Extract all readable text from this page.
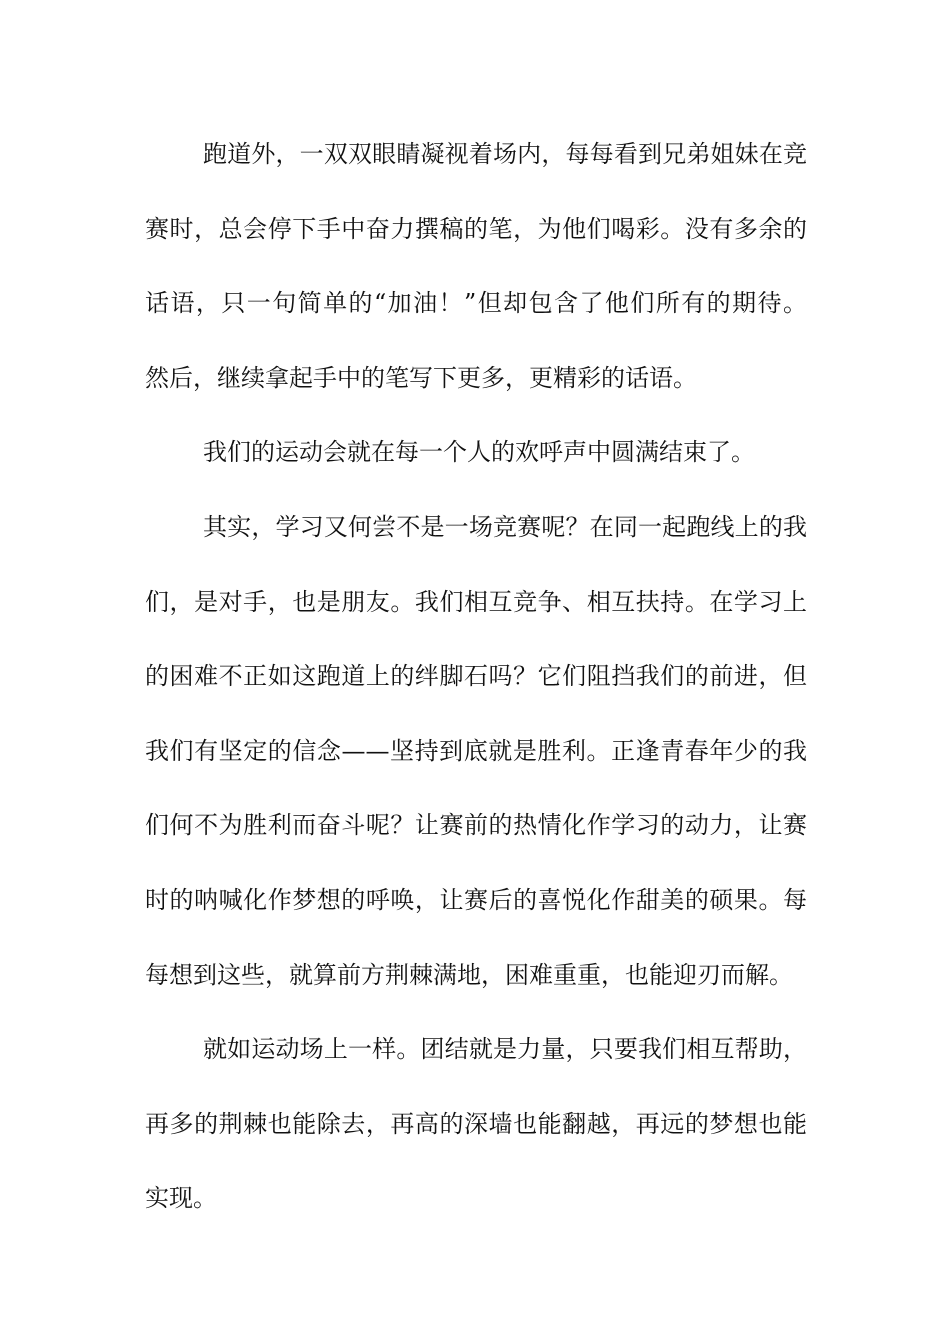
跑道外，一双双眼睛凝视着场内，每每看到兄弟姐妹在竞
赛时，总会停下手中奋力撰稿的笔，为他们喝彩。没有多余的
话语，只一句简单的“加油！”但却包含了他们所有的期待。
然后，继续拿起手中的笔写下更多，更精彩的话语。
我们的运动会就在每一个人的欢呼声中圆满结束了。
其实，学习又何尝不是一场竞赛呢？在同一起跑线上的我
们，是对手，也是朋友。我们相互竞争、相互扶持。在学习上
的困难不正如这跑道上的绊脚石吗？它们阻挡我们的前进，但
我们有坚定的信念——坚持到底就是胜利。正逢青春年少的我
们何不为胜利而奋斗呢？让赛前的热情化作学习的动力，让赛
时的呐喊化作梦想的呼唤，让赛后的喜悦化作甜美的硕果。每
每想到这些，就算前方荆棘满地，困难重重，也能迎刃而解。
就如运动场上一样。团结就是力量，只要我们相互帮助，
再多的荆棘也能除去，再高的深墙也能翻越，再远的梦想也能
实现。
